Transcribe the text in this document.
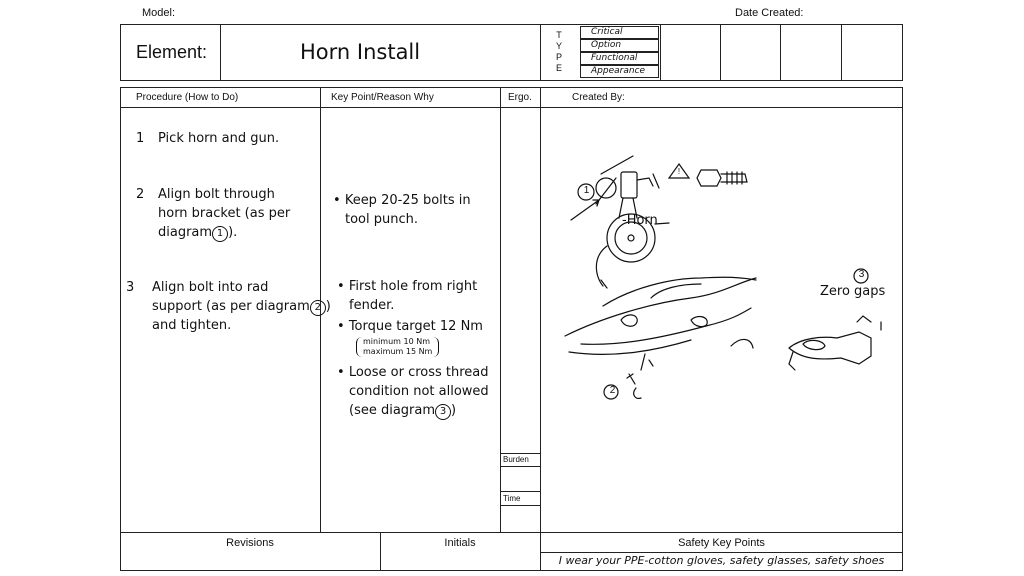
Model:	Date Created:
Element:	Horn Install
T
Y
P
E
Critical
Option
Functional
Appearance
Procedure (How to Do)	Key Point/Reason Why	Ergo.	Created By:
1 Pick horn and gun.
2 Align bolt through
horn bracket (as per
diagram 1 ).
3 Align bolt into rad
support (as per diagram 2 )
and tighten.
• Keep 20-25 bolts in
tool punch.
• First hole from right
fender.
• Torque target 12 Nm
minimum 10 Nm
maximum 15 Nm
• Loose or cross thread
condition not allowed
(see diagram 3 )
Burden
Time
-Horn
Zero gaps
1
2
3
!
Revisions	Initials	Safety Key Points
I wear your PPE-cotton gloves, safety glasses, safety shoes
